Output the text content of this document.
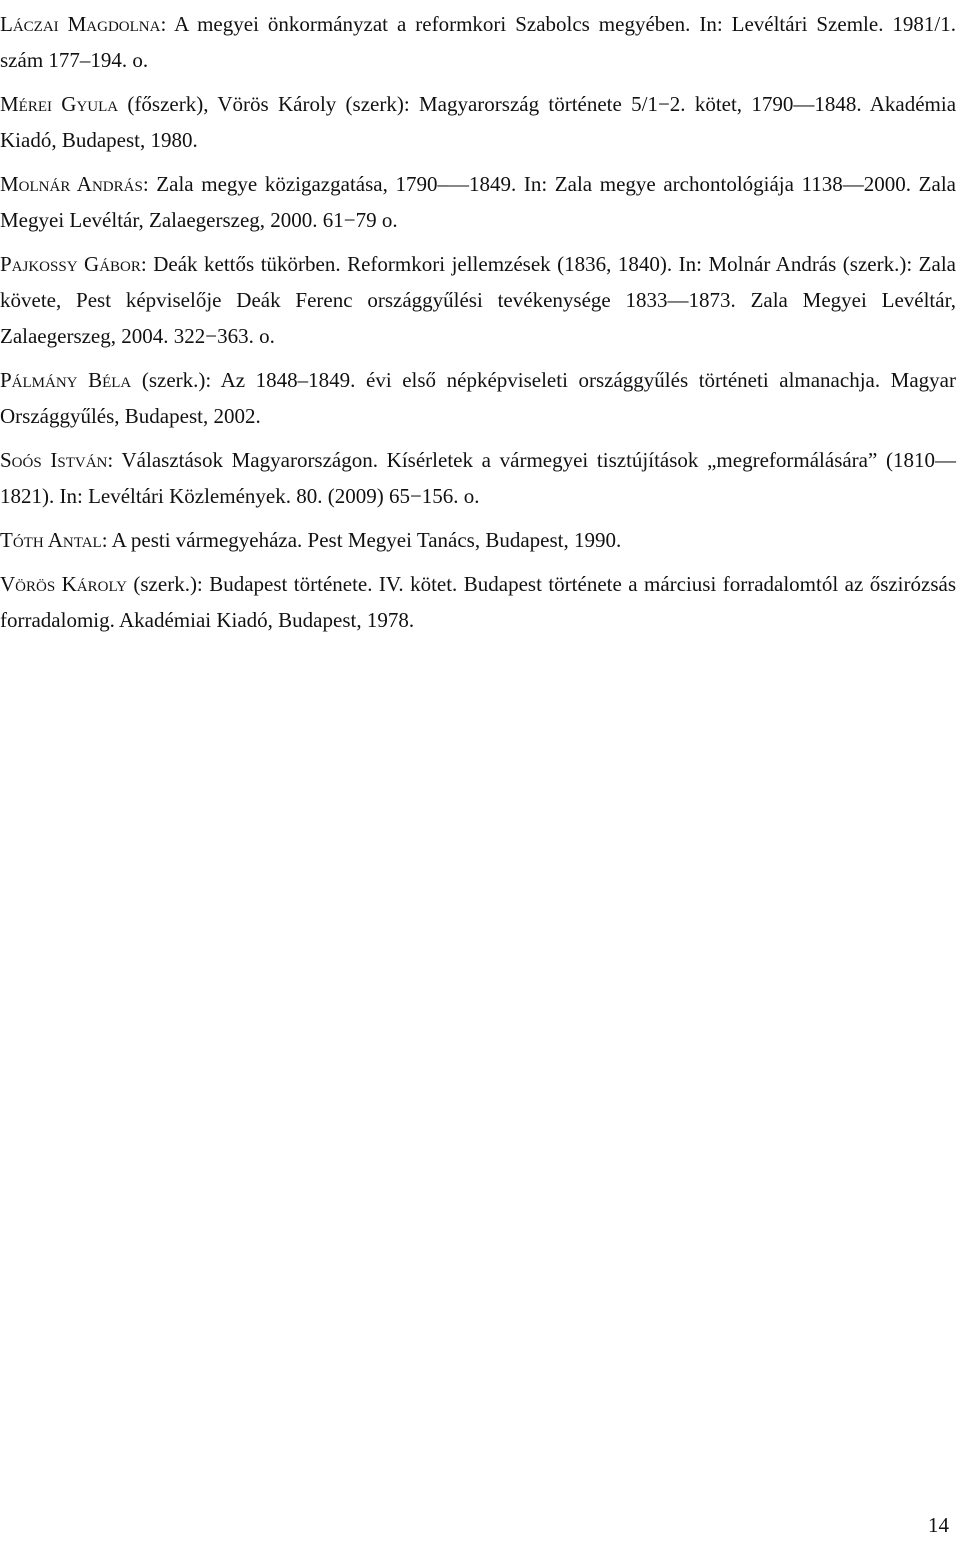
Láczai Magdolna: A megyei önkormányzat a reformkori Szabolcs megyében. In: Levéltári Szemle. 1981/1. szám 177–194. o.
Mérei Gyula (főszerk), Vörös Károly (szerk): Magyarország története 5/1−2. kötet, 1790––1848. Akadémia Kiadó, Budapest, 1980.
Molnár András: Zala megye közigazgatása, 1790–—1849. In: Zala megye archontológiája 1138––2000. Zala Megyei Levéltár, Zalaegerszeg, 2000. 61−79 o.
Pajkossy Gábor: Deák kettős tükörben. Reformkori jellemzések (1836, 1840). In: Molnár András (szerk.): Zala követe, Pest képviselője Deák Ferenc országgyűlési tevékenysége 1833––1873. Zala Megyei Levéltár, Zalaegerszeg, 2004. 322−363. o.
Pálmány Béla (szerk.): Az 1848–1849. évi első népképviseleti országgyűlés történeti almanachja. Magyar Országgyűlés, Budapest, 2002.
Soós István: Választások Magyarországon. Kísérletek a vármegyei tisztújítások „megreformálására” (1810––1821). In: Levéltári Közlemények. 80. (2009) 65−156. o.
Tóth Antal: A pesti vármegyeháza. Pest Megyei Tanács, Budapest, 1990.
Vörös Károly (szerk.): Budapest története. IV. kötet. Budapest története a márciusi forradalomtól az őszirózsás forradalomig. Akadémiai Kiadó, Budapest, 1978.
14
